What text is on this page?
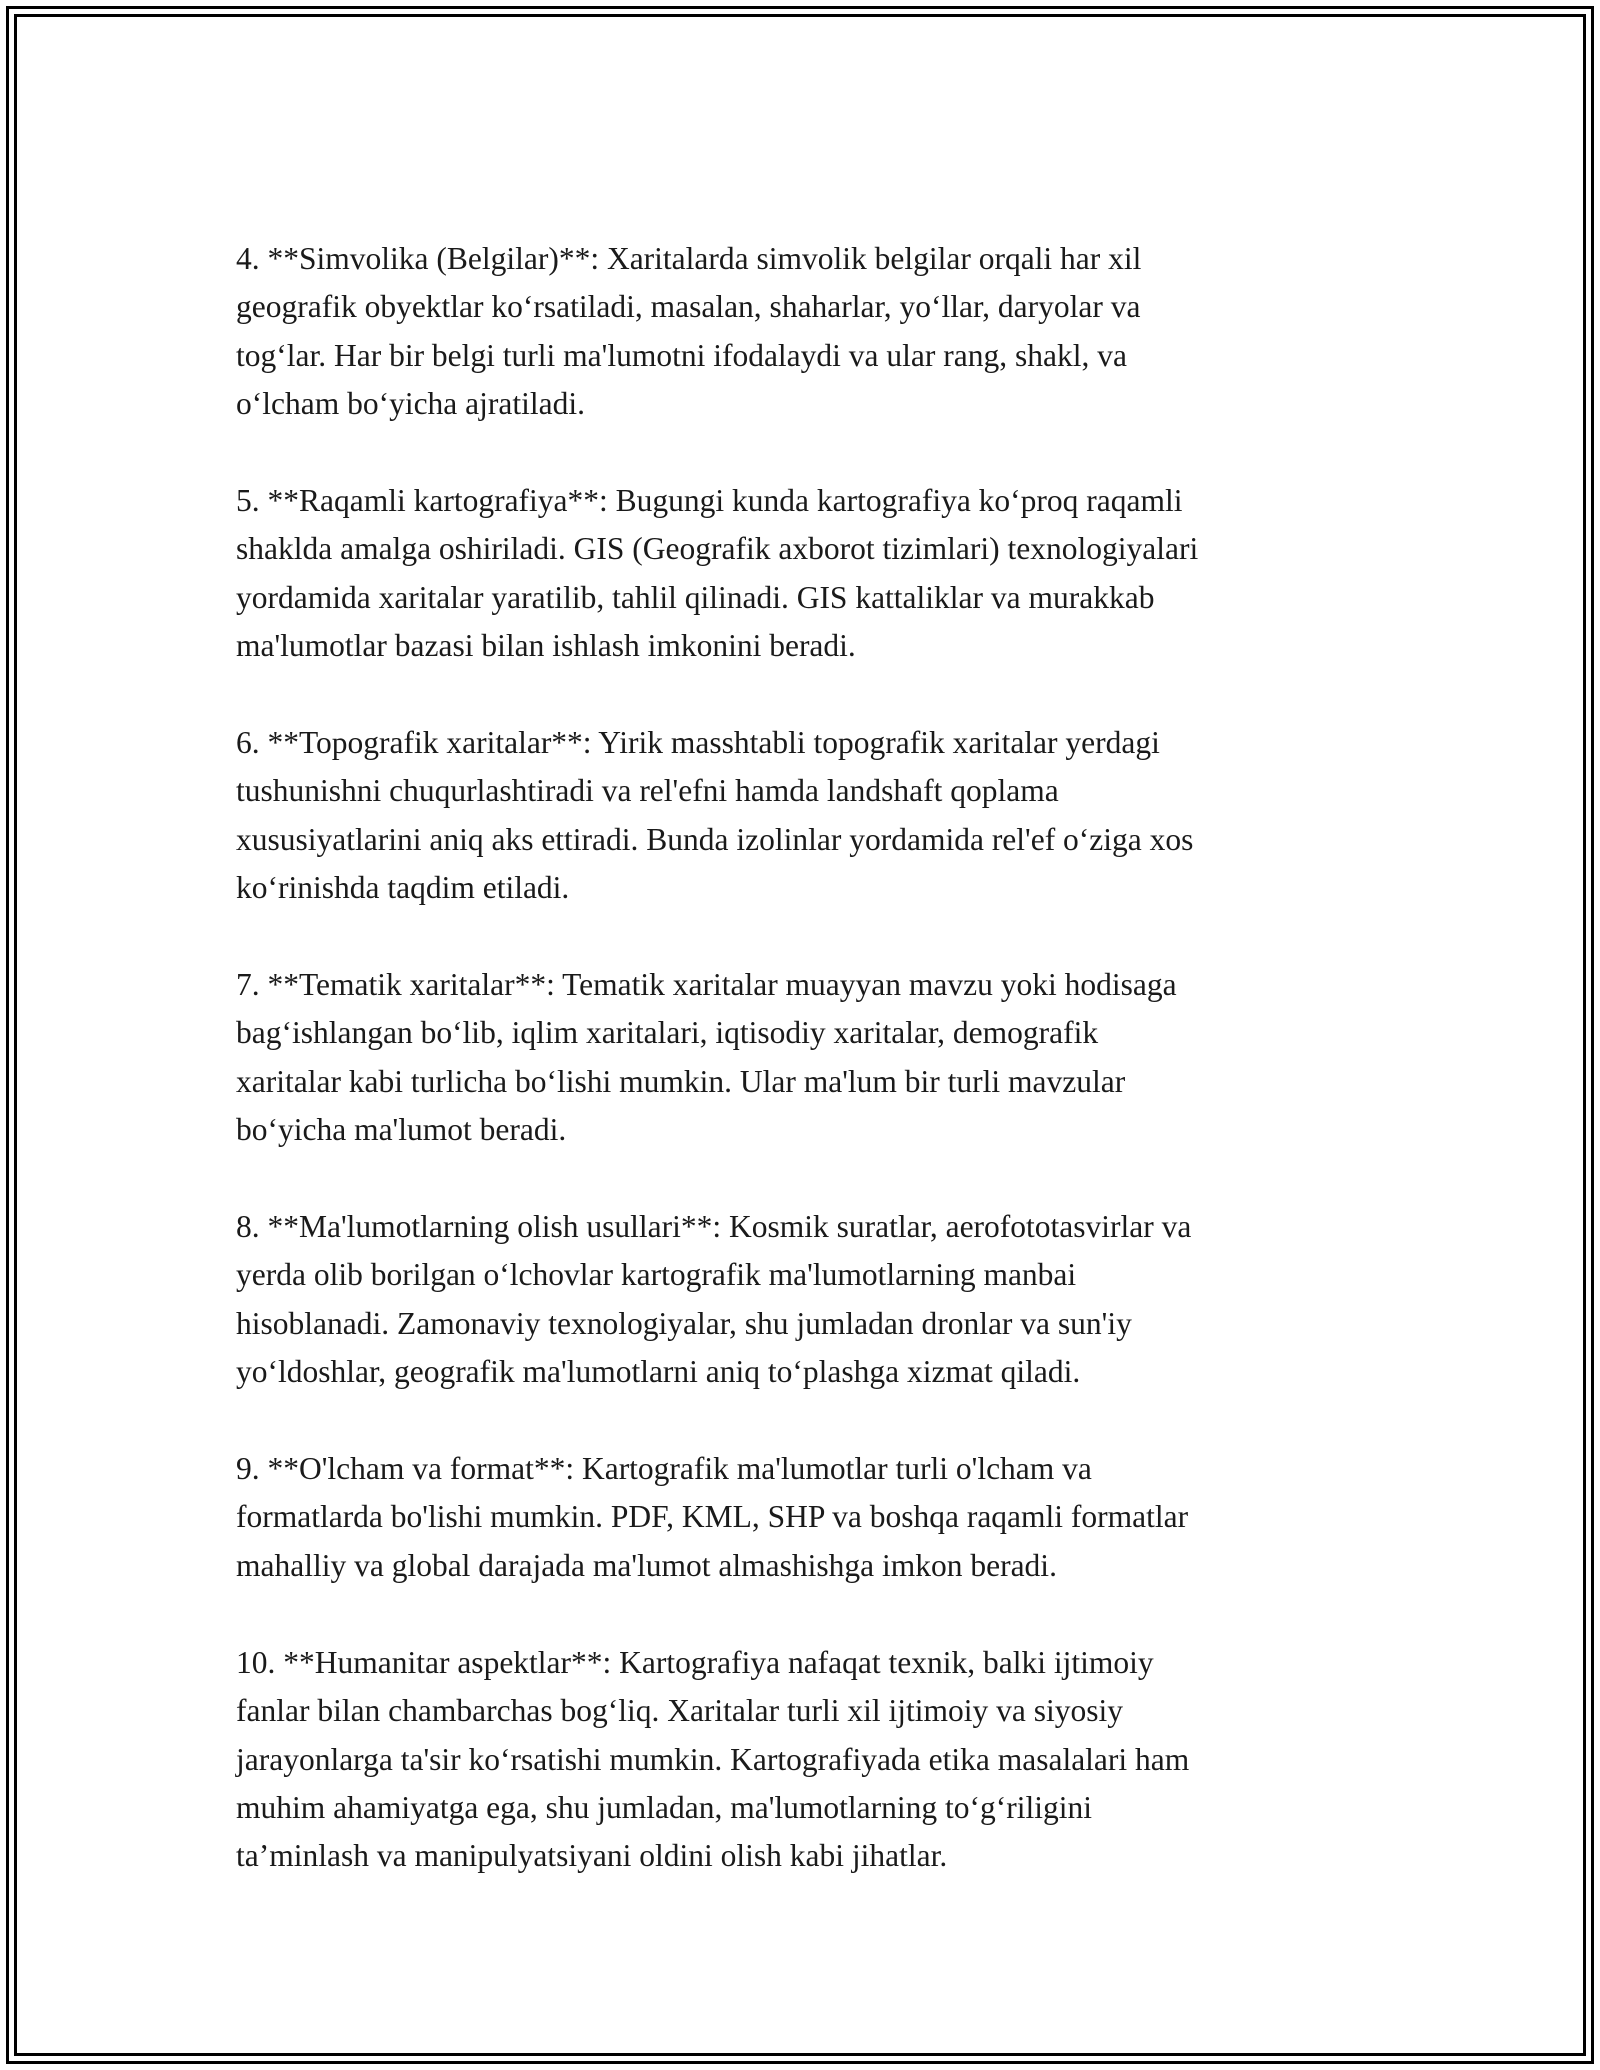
4. **Simvolika (Belgilar)**: Xaritalarda simvolik belgilar orqali har xil
geografik obyektlar koʻrsatiladi, masalan, shaharlar, yoʻllar, daryolar va
togʻlar. Har bir belgi turli ma'lumotni ifodalaydi va ular rang, shakl, va
oʻlcham boʻyicha ajratiladi.

5. **Raqamli kartografiya**: Bugungi kunda kartografiya koʻproq raqamli
shaklda amalga oshiriladi. GIS (Geografik axborot tizimlari) texnologiyalari
yordamida xaritalar yaratilib, tahlil qilinadi. GIS kattaliklar va murakkab
ma'lumotlar bazasi bilan ishlash imkonini beradi.

6. **Topografik xaritalar**: Yirik masshtabli topografik xaritalar yerdagi
tushunishni chuqurlashtiradi va rel'efni hamda landshaft qoplama
xususiyatlarini aniq aks ettiradi. Bunda izolinlar yordamida rel'ef oʻziga xos
koʻrinishda taqdim etiladi.

7. **Tematik xaritalar**: Tematik xaritalar muayyan mavzu yoki hodisaga
bagʻishlangan boʻlib, iqlim xaritalari, iqtisodiy xaritalar, demografik
xaritalar kabi turlicha boʻlishi mumkin. Ular ma'lum bir turli mavzular
boʻyicha ma'lumot beradi.

8. **Ma'lumotlarning olish usullari**: Kosmik suratlar, aerofototasvirlar va
yerda olib borilgan oʻlchovlar kartografik ma'lumotlarning manbai
hisoblanadi. Zamonaviy texnologiyalar, shu jumladan dronlar va sun'iy
yoʻldoshlar, geografik ma'lumotlarni aniq toʻplashga xizmat qiladi.

9. **O'lcham va format**: Kartografik ma'lumotlar turli o'lcham va
formatlarda bo'lishi mumkin. PDF, KML, SHP va boshqa raqamli formatlar
mahalliy va global darajada ma'lumot almashishga imkon beradi.

10. **Humanitar aspektlar**: Kartografiya nafaqat texnik, balki ijtimoiy
fanlar bilan chambarchas bogʻliq. Xaritalar turli xil ijtimoiy va siyosiy
jarayonlarga ta'sir koʻrsatishi mumkin. Kartografiyada etika masalalari ham
muhim ahamiyatga ega, shu jumladan, ma'lumotlarning toʻgʻriligini
ta’minlash va manipulyatsiyani oldini olish kabi jihatlar.
